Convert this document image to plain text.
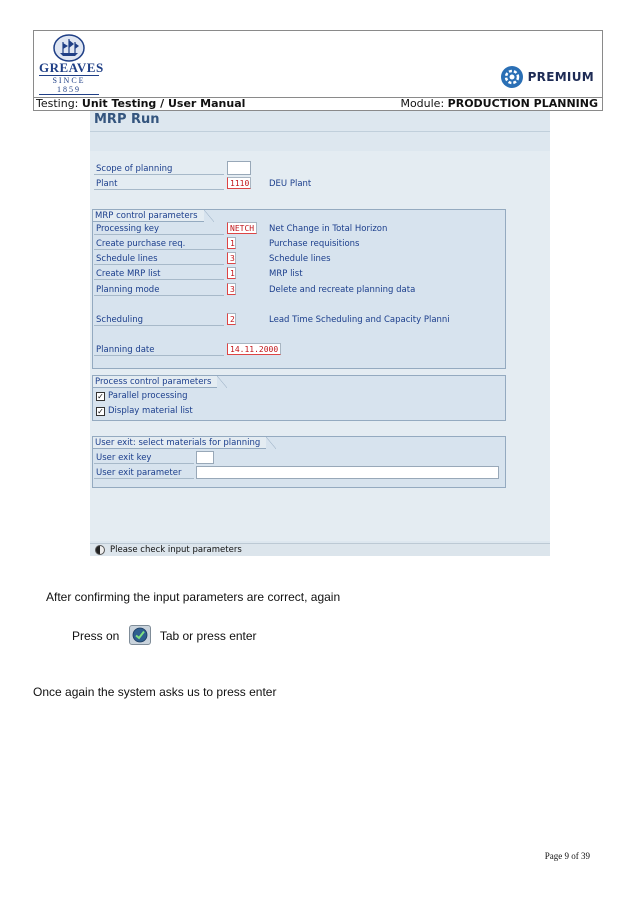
GREAVES
SINCE 1859
PREMIUM
Testing: Unit Testing / User Manual	Module: PRODUCTION PLANNING
MRP Run
Scope of planning
Plant	1110 DEU Plant
MRP control parameters
Processing key	NETCH	Net Change in Total Horizon
Create purchase req.	1	Purchase requisitions
Schedule lines	3	Schedule lines
Create MRP list	1	MRP list
Planning mode	3	Delete and recreate planning data
Scheduling	2	Lead Time Scheduling and Capacity Planni
Planning date	14.11.2000
Process control parameters
✓ Parallel processing
✓ Display material list
User exit: select materials for planning
User exit key
User exit parameter
Please check input parameters
After confirming the input parameters are correct, again
Press on	Tab or press enter
Once again the system asks us to press enter
Page 9 of 39
